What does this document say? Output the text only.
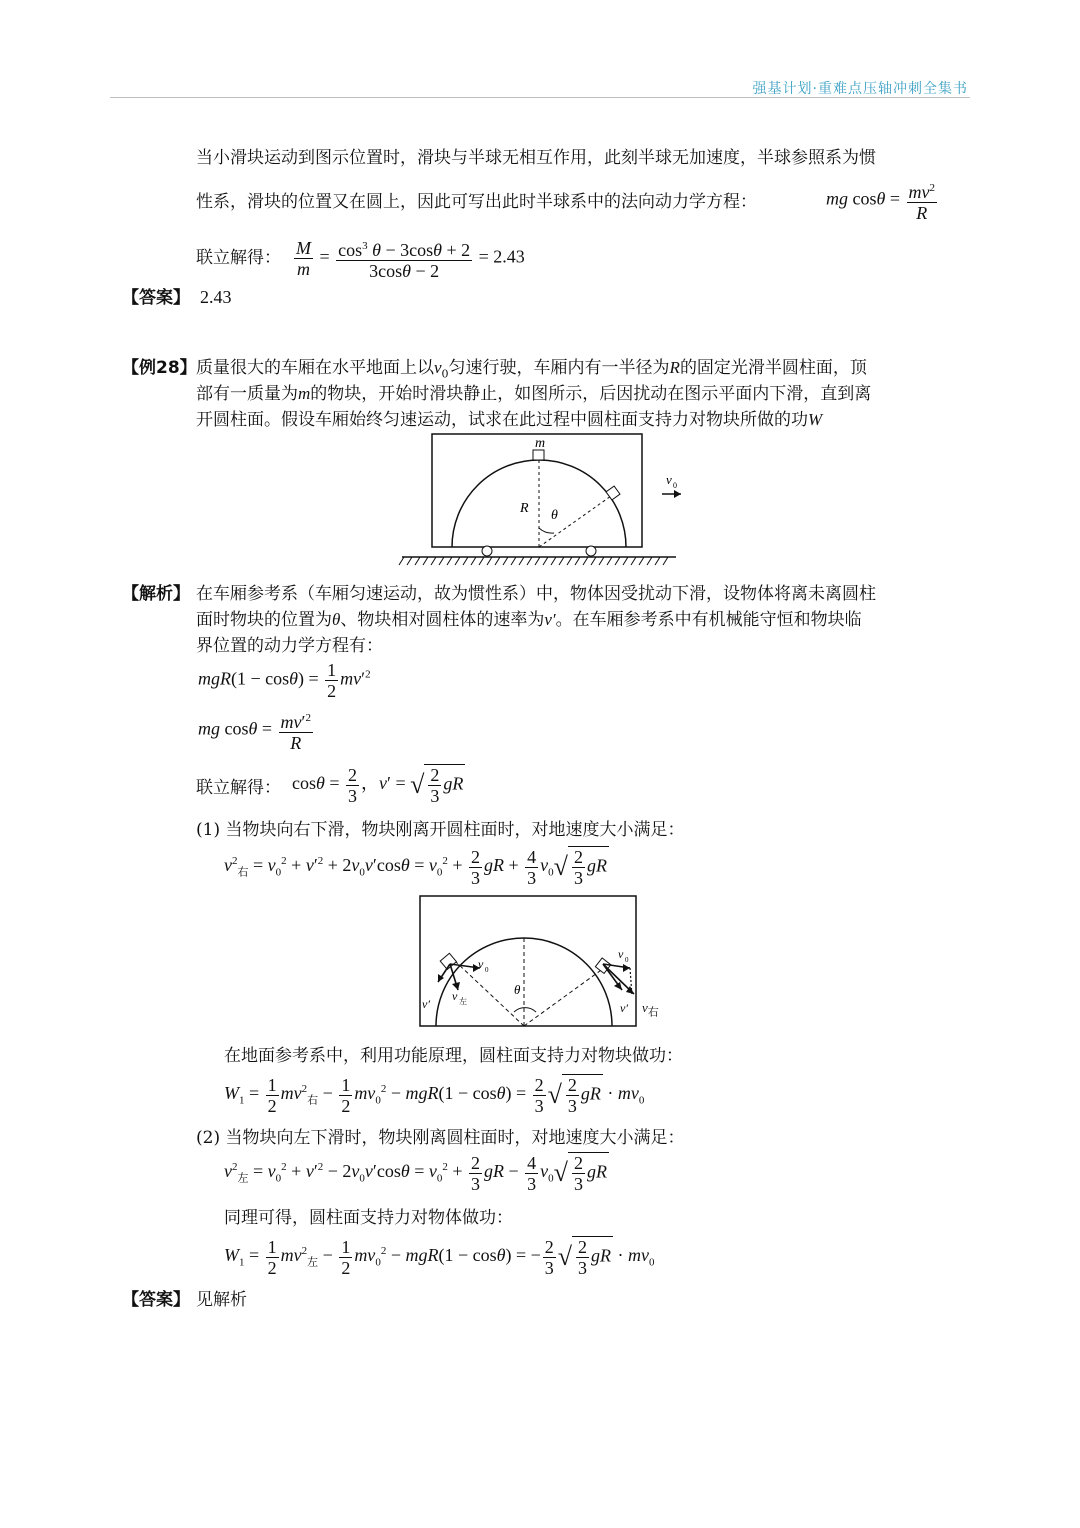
强基计划·重难点压轴冲刺全集书
当小滑块运动到图示位置时，滑块与半球无相互作用，此刻半球无加速度，半球参照系为惯
性系，滑块的位置又在圆上，因此可写出此时半球系中的法向动力学方程：	mg $\cos\theta = \frac{mv^2}{R}$
联立解得： $\frac{M}{m} = \frac{\cos^3 \theta - 3\cos\theta + 2}{3\cos\theta - 2} = 2.43$
【答案】 2.43
【例28】 质量很大的车厢在水平地面上以$v_0$匀速行驶，车厢内有一半径为R的固定光滑半圆柱面，顶
部有一质量为m的物块，开始时滑块静止，如图所示，后因扰动在图示平面内下滑，直到离
开圆柱面。假设车厢始终匀速运动，试求在此过程中圆柱面支持力对物块所做的功W
m
R θ
v 0
【解析】 在车厢参考系（车厢匀速运动，故为惯性系）中，物体因受扰动下滑，设物体将离未离圆柱
面时物块的位置为θ、物块相对圆柱体的速率为v′。在车厢参考系中有机械能守恒和物块临
界位置的动力学方程有：
$mgR(1 - \cos\theta) = \frac{1}{2} mv'^2$
mg $\cos\theta = \frac{mv'^2}{R}$
联立解得： $\cos\theta = \frac{2}{3}$ ，v′ = √ $\frac{2}{3}$ gR
(1) 当物块向右下滑，物块刚离开圆柱面时，对地速度大小满足：
$v^2_右 = v_0^2 + v'^2 + 2v_0v'\cos\theta = v_0^2 + \frac{2}{3}$ gR + $\frac{4}{3} v_0√ \frac{2}{3}$ gR
v 0
v 0
v′
v 左	v′
θ
$v_右$
在地面参考系中，利用功能原理，圆柱面支持力对物块做功：
$W_1 = \frac{1}{2} mv^2_右 - \frac{1}{2} mv_0^2 - mgR(1 - \cos\theta) = \frac{2}{3}$ √ $\frac{2}{3}$ gR · $mv_0$
(2) 当物块向左下滑时，物块刚离圆柱面时，对地速度大小满足：
$v^2_左 = v_0^2 + v'^2 - 2v_0v'\cos\theta = v_0^2 + \frac{2}{3}$ gR − $\frac{4}{3} v_0√ \frac{2}{3}$ gR
同理可得，圆柱面支持力对物体做功：
$W_1 = \frac{1}{2} mv^2_左 - \frac{1}{2} mv_0^2 - mgR(1 - \cos\theta)$ = − $\frac{2}{3}$ √ $\frac{2}{3}$ gR · $mv_0$
【答案】 见解析
